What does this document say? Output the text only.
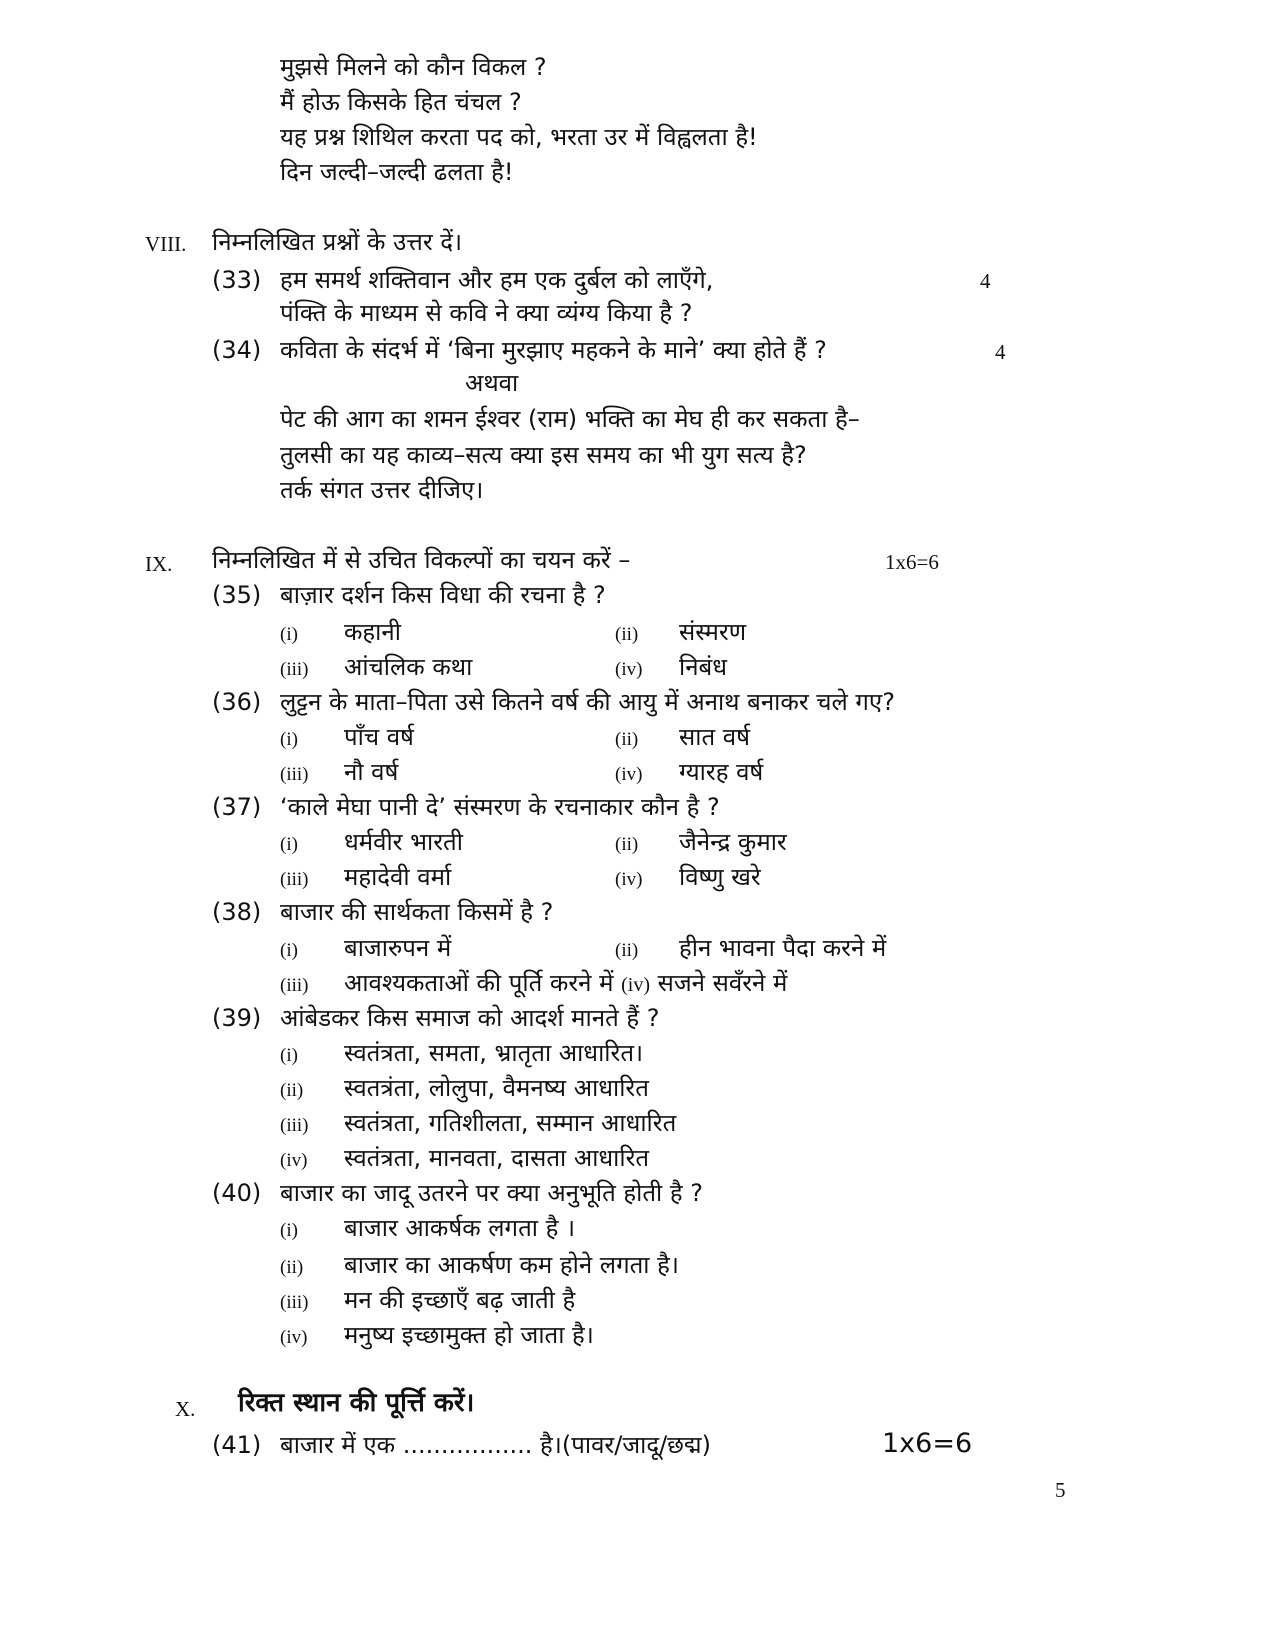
मुझसे मिलने को कौन विकल ?
मैं होऊ किसके हित चंचल ?
यह प्रश्न शिथिल करता पद को, भरता उर में विह्वलता है!
दिन जल्दी–जल्दी ढलता है!
VIII. निम्नलिखित प्रश्नों के उत्तर दें।
(33) हम समर्थ शक्तिवान और हम एक दुर्बल को लाएँगे,	4
पंक्ति के माध्यम से कवि ने क्या व्यंग्य किया है ?
(34) कविता के संदर्भ में ‘बिना मुरझाए महकने के माने’ क्या होते हैं ?	4
अथवा
पेट की आग का शमन ईश्वर (राम) भक्ति का मेघ ही कर सकता है–
तुलसी का यह काव्य–सत्य क्या इस समय का भी युग सत्य है?
तर्क संगत उत्तर दीजिए।
IX. निम्नलिखित में से उचित विकल्पों का चयन करें –	1x6=6
(35) बाज़ार दर्शन किस विधा की रचना है ?
(i) कहानी	(ii) संस्मरण
(iii) आंचलिक कथा	(iv) निबंध
(36) लुट्टन के माता–पिता उसे कितने वर्ष की आयु में अनाथ बनाकर चले गए?
(i) पाँच वर्ष	(ii) सात वर्ष
(iii) नौ वर्ष	(iv) ग्यारह वर्ष
(37) ‘काले मेघा पानी दे’ संस्मरण के रचनाकार कौन है ?
(i) धर्मवीर भारती	(ii) जैनेन्द्र कुमार
(iii) महादेवी वर्मा	(iv) विष्णु खरे
(38) बाजार की सार्थकता किसमें है ?
(i) बाजारुपन में	(ii) हीन भावना पैदा करने में
(iii) आवश्यकताओं की पूर्ति करने में (iv) सजने सवँरने में
(39) आंबेडकर किस समाज को आदर्श मानते हैं ?
(i) स्वतंत्रता, समता, भ्रातृता आधारित।
(ii) स्वतत्रंता, लोलुपा, वैमनष्य आधारित
(iii) स्वतंत्रता, गतिशीलता, सम्मान आधारित
(iv) स्वतंत्रता, मानवता, दासता आधारित
(40) बाजार का जादू उतरने पर क्या अनुभूति होती है ?
(i) बाजार आकर्षक लगता है ।
(ii) बाजार का आकर्षण कम होने लगता है।
(iii) मन की इच्छाएँ बढ़ जाती है
(iv) मनुष्य इच्छामुक्त हो जाता है।
X. रिक्त स्थान की पूर्त्ति करें।
(41) बाजार में एक ................. है।(पावर/जादू/छद्म)	1x6=6
5
